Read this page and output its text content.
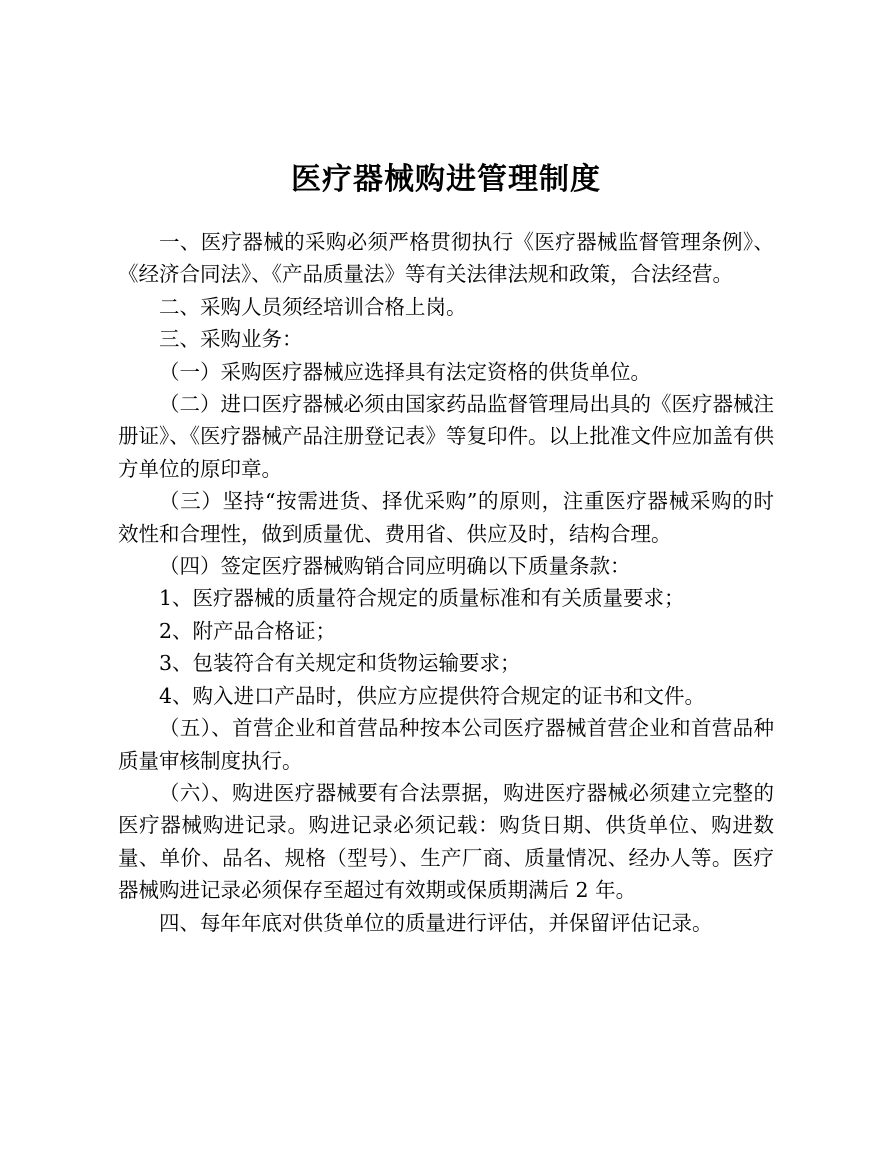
医疗器械购进管理制度

一、医疗器械的采购必须严格贯彻执行《医疗器械监督管理条例》、《经济合同法》、《产品质量法》等有关法律法规和政策，合法经营。

二、采购人员须经培训合格上岗。

三、采购业务：

（一）采购医疗器械应选择具有法定资格的供货单位。

（二）进口医疗器械必须由国家药品监督管理局出具的《医疗器械注册证》、《医疗器械产品注册登记表》等复印件。以上批准文件应加盖有供方单位的原印章。

（三）坚持“按需进货、择优采购”的原则，注重医疗器械采购的时效性和合理性，做到质量优、费用省、供应及时，结构合理。

（四）签定医疗器械购销合同应明确以下质量条款：

1、医疗器械的质量符合规定的质量标准和有关质量要求；

2、附产品合格证；

3、包装符合有关规定和货物运输要求；

4、购入进口产品时，供应方应提供符合规定的证书和文件。

（五）、首营企业和首营品种按本公司医疗器械首营企业和首营品种质量审核制度执行。

（六）、购进医疗器械要有合法票据，购进医疗器械必须建立完整的医疗器械购进记录。购进记录必须记载：购货日期、供货单位、购进数量、单价、品名、规格（型号）、生产厂商、质量情况、经办人等。医疗器械购进记录必须保存至超过有效期或保质期满后 2 年。

四、每年年底对供货单位的质量进行评估，并保留评估记录。
